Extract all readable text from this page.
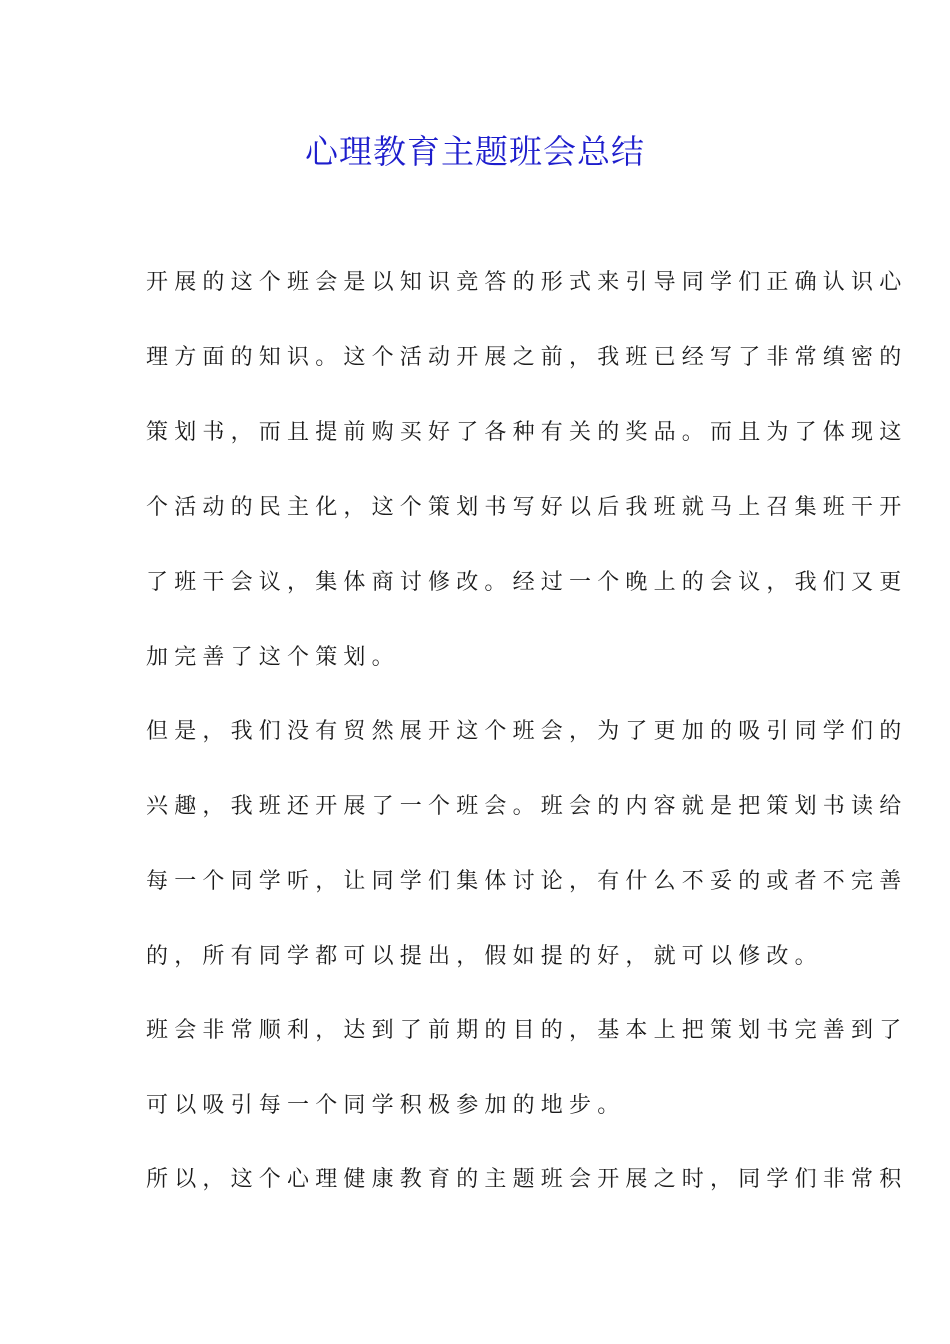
心理教育主题班会总结
开展的这个班会是以知识竞答的形式来引导同学们正确认识心
理方面的知识。这个活动开展之前，我班已经写了非常缜密的
策划书，而且提前购买好了各种有关的奖品。而且为了体现这
个活动的民主化，这个策划书写好以后我班就马上召集班干开
了班干会议，集体商讨修改。经过一个晚上的会议，我们又更
加完善了这个策划。
但是，我们没有贸然展开这个班会，为了更加的吸引同学们的
兴趣，我班还开展了一个班会。班会的内容就是把策划书读给
每一个同学听，让同学们集体讨论，有什么不妥的或者不完善
的，所有同学都可以提出，假如提的好，就可以修改。
班会非常顺利，达到了前期的目的，基本上把策划书完善到了
可以吸引每一个同学积极参加的地步。
所以，这个心理健康教育的主题班会开展之时，同学们非常积
